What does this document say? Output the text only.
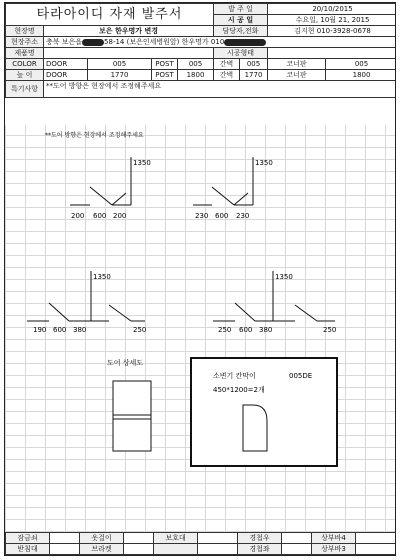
타라아이디 자재 발주서					발 주 일		20/10/2015	
					시 공 일		수요일, 10월 21, 2015	
현장명	보은 한우명가 변경				담당자,전화		김지현 010-3928-0678	
현장주소	충북 보은읍 58-14 (보은인세병원앞) 한우명가 010							
제품명					시공형태			
COLOR	DOOR	005	POST	005	간벽	005	코너판	005
높 이	DOOR	1770	POST	1800	간벽	1770	코너판	1800
특기사항	**도어 방향은 현장에서 조정해주세요							
**도어 방향은 현장에서 조정해주세요
1350
200 600 200
1350
230 600 230
1350
190 600 380	250
1350
250 600 380	250
도어 상세도
소변기 칸막이	005DE
450*1200=2개
잠금쇠		옷걸이		보호대		경첩우		상부바4	
받침대		브라켓				경첩좌		상부바3	
